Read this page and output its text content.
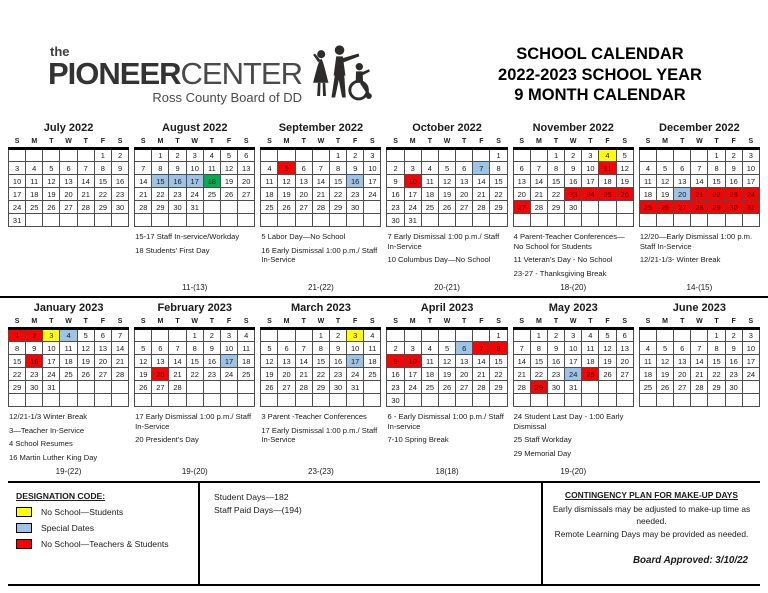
the
PIONEERCENTER
Ross County Board of DD
SCHOOL CALENDAR
2022-2023 SCHOOL YEAR
9 MONTH CALENDAR
July 2022
S	M	T	W	T	F	S
					1	2
3	4	5	6	7	8	9
10	11	12	13	14	15	16
17	18	19	20	21	22	23
24	25	26	27	28	29	30
31						
August 2022
S	M	T	W	T	F	S
	1	2	3	4	5	6
7	8	9	10	11	12	13
14	15	16	17	18	19	20
21	22	23	24	25	26	27
28	29	30	31			

15-17 Staff In-service/Workday
18 Students’ First Day
11-(13)
September 2022
S	M	T	W	T	F	S
				1	2	3
4	5	6	7	8	9	10
11	12	13	14	15	16	17
18	19	20	21	22	23	24
25	26	27	28	29	30	

5 Labor Day—No School
16 Early Dismissal 1:00 p.m./ Staff In-Service
21-(22)
October 2022
S	M	T	W	T	F	S
						1
2	3	4	5	6	7	8
9	10	11	12	13	14	15
16	17	18	19	20	21	22
23	24	25	26	27	28	29
30	31					
7 Early Dismissal 1:00 p.m./ Staff In-Service
10 Columbus Day—No School
20-(21)
November 2022
S	M	T	W	T	F	S
		1	2	3	4	5
6	7	8	9	10	11	12
13	14	15	16	17	18	19
20	21	22	23	24	25	26
27	28	29	30			

4 Parent-Teacher Conferences—No School for Students
11 Veteran’s Day - No School
23-27 - Thanksgiving Break
18-(20)
December 2022
S	M	T	W	T	F	S
				1	2	3
4	5	6	7	8	9	10
11	12	13	14	15	16	17
18	19	20	21	22	23	24
25	26	27	28	29	30	31

12/20—Early Dismissal 1:00 p.m. Staff In-Service
12/21-1/3- Winter Break
14-(15)
January 2023
S	M	T	W	T	F	S
1	2	3	4	5	6	7
8	9	10	11	12	13	14
15	16	17	18	19	20	21
22	23	24	25	26	27	28
29	30	31				

12/21-1/3 Winter Break
3—Teacher In-Service
4 School Resumes
16 Martin Luther King Day
19-(22)
February 2023
S	M	T	W	T	F	S
			1	2	3	4
5	6	7	8	9	10	11
12	13	14	15	16	17	18
19	20	21	22	23	24	25
26	27	28				

17 Early Dismissal 1:00 p.m./ Staff In-Service
20 President’s Day
19-(20)
March 2023
S	M	T	W	T	F	S
			1	2	3	4
5	6	7	8	9	10	11
12	13	14	15	16	17	18
19	20	21	22	23	24	25
26	27	28	29	30	31	

3 Parent -Teacher Conferences
17 Early Dismissal 1:00 p.m./ Staff In-Service
23-(23)
April 2023
S	M	T	W	T	F	S
						1
2	3	4	5	6	7	8
9	10	11	12	13	14	15
16	17	18	19	20	21	22
23	24	25	26	27	28	29
30						
6 - Early Dismissal 1:00 p.m./ Staff In-service
7-10 Spring Break
18(18)
May 2023
S	M	T	W	T	F	S
	1	2	3	4	5	6
7	8	9	10	11	12	13
14	15	16	17	18	19	20
21	22	23	24	25	26	27
28	29	30	31			

24 Student Last Day - 1:00 Early Dismissal
25 Staff Workday
29 Memorial Day
19-(20)
June 2023
S	M	T	W	T	F	S
				1	2	3
4	5	6	7	8	9	10
11	12	13	14	15	16	17
18	19	20	21	22	23	24
25	26	27	28	29	30	

DESIGNATION CODE:
No School—Students
Special Dates
No School—Teachers & Students
Student Days—182
Staff Paid Days—(194)
CONTINGENCY PLAN FOR MAKE-UP DAYS
Early dismissals may be adjusted to make-up time as needed.
Remote Learning Days may be provided as needed.
Board Approved: 3/10/22
